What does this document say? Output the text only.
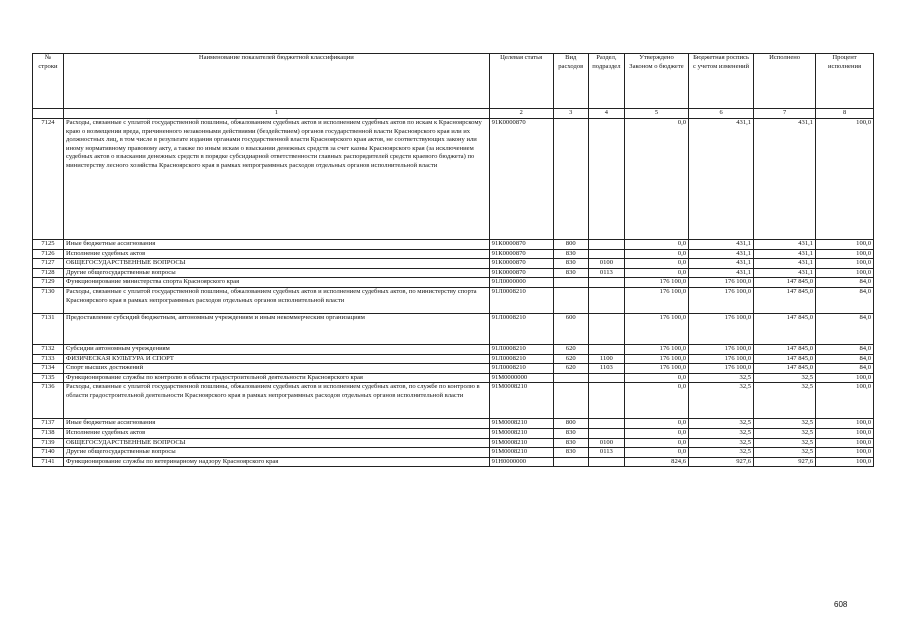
№ строки	Наименование показателей бюджетной классификации	Целевая статья	Вид расходов	Раздел, подраздел	Утверждено Законом о бюджете	Бюджетная роспись с учетом изменений	Исполнено	Процент исполнения
	1	2	3	4	5	6	7	8
7124	Расходы, связанные с уплатой государственной пошлины, обжалованием судебных актов и исполнением судебных актов по искам к Красноярскому краю о возмещении вреда, причиненного незаконными действиями (бездействием) органов государственной власти Красноярского края или их должностных лиц, в том числе в результате издания органами государственной власти Красноярского края актов, не соответствующих закону или иному нормативному правовому акту, а также по иным искам о взыскании денежных средств за счет казны Красноярского края (за исключением судебных актов о взыскании денежных средств в порядке субсидиарной ответственности главных распорядителей средств краевого бюджета) по министерству лесного хозяйства Красноярского края в рамках непрограммных расходов отдельных органов исполнительной власти	91К0000870			0,0	431,1	431,1	100,0
7125	Иные бюджетные ассигнования	91К0000870	800		0,0	431,1	431,1	100,0
7126	Исполнение судебных актов	91К0000870	830		0,0	431,1	431,1	100,0
7127	ОБЩЕГОСУДАРСТВЕННЫЕ ВОПРОСЫ	91К0000870	830	0100	0,0	431,1	431,1	100,0
7128	Другие общегосударственные вопросы	91К0000870	830	0113	0,0	431,1	431,1	100,0
7129	Функционирование министерства спорта Красноярского края	91Л0000000			176 100,0	176 100,0	147 845,0	84,0
7130	Расходы, связанные с уплатой государственной пошлины, обжалованием судебных актов и исполнением судебных актов, по министерству спорта Красноярского края в рамках непрограммных расходов отдельных органов исполнительной власти	91Л0008210			176 100,0	176 100,0	147 845,0	84,0
7131	Предоставление субсидий бюджетным, автономным учреждениям и иным некоммерческим организациям	91Л0008210	600		176 100,0	176 100,0	147 845,0	84,0
7132	Субсидии автономным учреждениям	91Л0008210	620		176 100,0	176 100,0	147 845,0	84,0
7133	ФИЗИЧЕСКАЯ КУЛЬТУРА И СПОРТ	91Л0008210	620	1100	176 100,0	176 100,0	147 845,0	84,0
7134	Спорт высших достижений	91Л0008210	620	1103	176 100,0	176 100,0	147 845,0	84,0
7135	Функционирование службы по контролю в области градостроительной деятельности Красноярского края	91М0000000			0,0	32,5	32,5	100,0
7136	Расходы, связанные с уплатой государственной пошлины, обжалованием судебных актов и исполнением судебных актов, по службе по контролю в области градостроительной деятельности Красноярского края в рамках непрограммных расходов отдельных органов исполнительной власти	91М0008210			0,0	32,5	32,5	100,0
7137	Иные бюджетные ассигнования	91М0008210	800		0,0	32,5	32,5	100,0
7138	Исполнение судебных актов	91М0008210	830		0,0	32,5	32,5	100,0
7139	ОБЩЕГОСУДАРСТВЕННЫЕ ВОПРОСЫ	91М0008210	830	0100	0,0	32,5	32,5	100,0
7140	Другие общегосударственные вопросы	91М0008210	830	0113	0,0	32,5	32,5	100,0
7141	Функционирование службы по ветеринарному надзору Красноярского края	91Н0000000			824,6	927,6	927,6	100,0
608
